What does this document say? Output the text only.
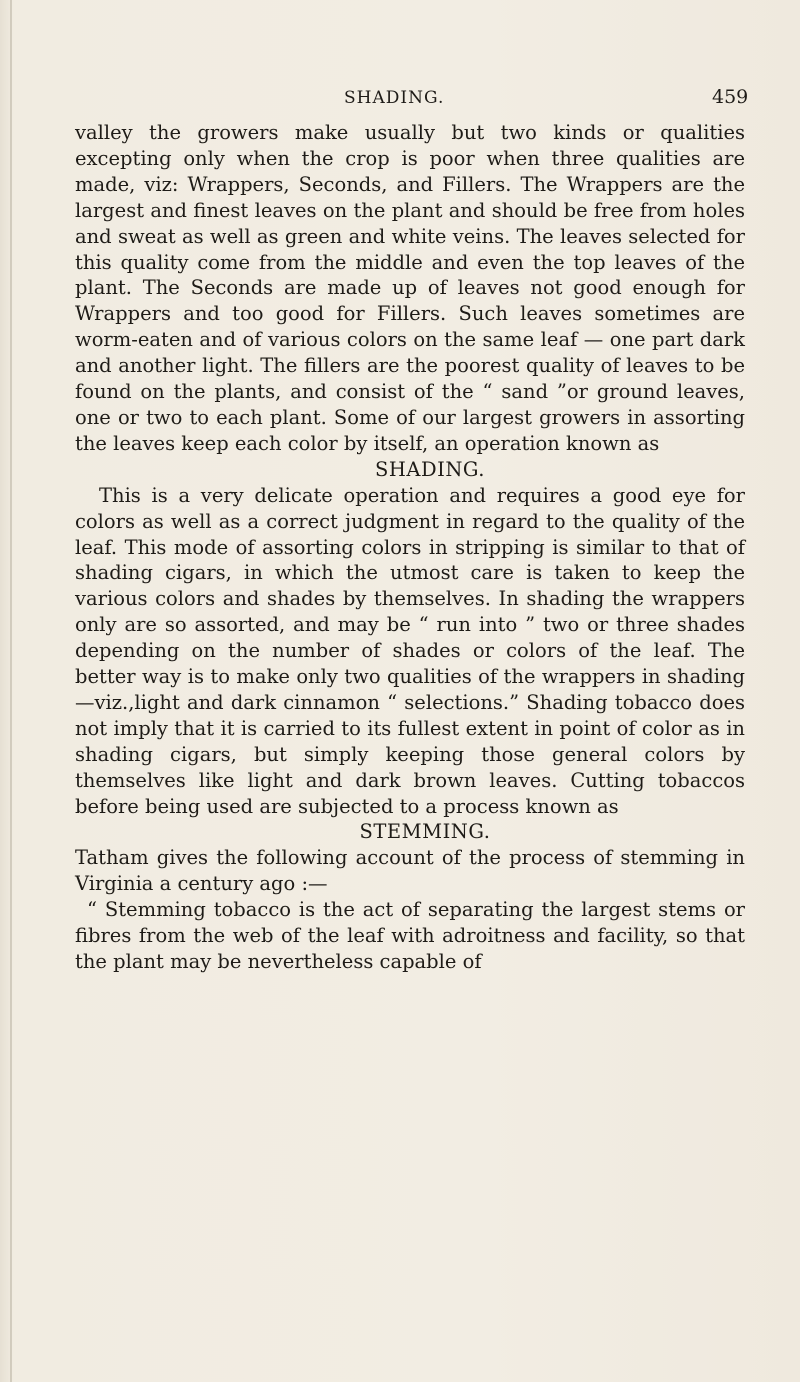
SHADING.	459

valley the growers make usually but two kinds or qualities excepting only when the crop is poor when three qualities are made, viz: Wrappers, Seconds, and Fillers. The Wrappers are the largest and finest leaves on the plant and should be free from holes and sweat as well as green and white veins. The leaves selected for this quality come from the middle and even the top leaves of the plant. The Seconds are made up of leaves not good enough for Wrappers and too good for Fillers. Such leaves sometimes are worm-eaten and of various colors on the same leaf — one part dark and another light. The fillers are the poorest quality of leaves to be found on the plants, and consist of the “ sand ”or ground leaves, one or two to each plant. Some of our largest growers in assorting the leaves keep each color by itself, an operation known as

SHADING.

This is a very delicate operation and requires a good eye for colors as well as a correct judgment in regard to the quality of the leaf. This mode of assorting colors in stripping is similar to that of shading cigars, in which the utmost care is taken to keep the various colors and shades by themselves. In shading the wrappers only are so assorted, and may be “ run into ” two or three shades depending on the number of shades or colors of the leaf. The better way is to make only two qualities of the wrappers in shading—viz.,light and dark cinnamon “ selections.” Shading tobacco does not imply that it is carried to its fullest extent in point of color as in shading cigars, but simply keeping those general colors by themselves like light and dark brown leaves. Cutting tobaccos before being used are subjected to a process known as

STEMMING.

Tatham gives the following account of the process of stemming in Virginia a century ago :—

“ Stemming tobacco is the act of separating the largest stems or fibres from the web of the leaf with adroitness and facility, so that the plant may be nevertheless capable of
